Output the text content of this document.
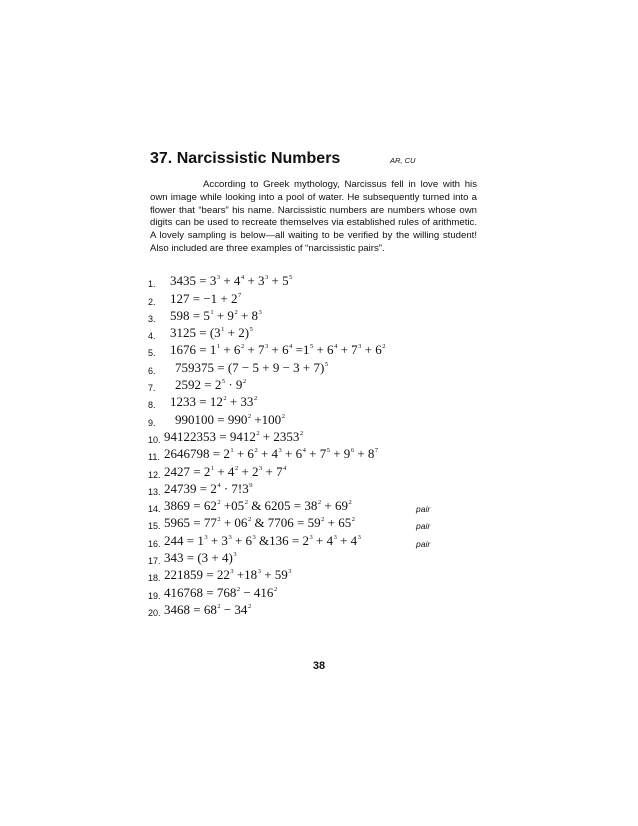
37. Narcissistic Numbers	AR, CU

According to Greek mythology, Narcissus fell in love with his own image while looking into a pool of water. He subsequently turned into a flower that “bears” his name. Narcissistic numbers are numbers whose own digits can be used to recreate themselves via established rules of arithmetic. A lovely sampling is below—all waiting to be verified by the willing student! Also included are three examples of “narcissistic pairs”.

1. $3435 = 3^3 + 4^4 + 3^3 + 5^5$
2. $127 = -1 + 2^7$
3. $598 = 5^1 + 9^2 + 8^3$
4. $3125 = (3^1 + 2)^5$
5. $1676 = 1^1 + 6^2 + 7^3 + 6^4 =1^5 + 6^4 + 7^3 + 6^2$
6. $759375 = (7 - 5 + 9 - 3 + 7)^5$
7. $2592 = 2^5 \cdot 9^2$
8. $1233 = 12^2 + 33^2$
9. $990100 = 990^2 +100^2$
10. $94122353 = 9412^2 + 2353^2$
11. $2646798 = 2^1 + 6^2 + 4^3 + 6^4 + 7^5 + 9^6 + 8^7$
12. $2427 = 2^1 + 4^2 + 2^3 + 7^4$
13. $24739 = 2^4 \cdot 7!3^9$
14. $3869 = 62^2 +05^2$ & $6205 = 38^2 + 69^2$
pair
15. $5965 = 77^2 + 06^2$ & $7706 = 59^2 + 65^2$
pair
16. $244 = 1^3 + 3^3 + 6^3$ &136 = $2^3 + 4^3 + 4^3$
pair
17. $343 = (3 + 4)^3$
18. $221859 = 22^3 +18^3 + 59^3$
19. $416768 = 768^2 - 416^2$
20. $3468 = 68^2 - 34^2$
38
